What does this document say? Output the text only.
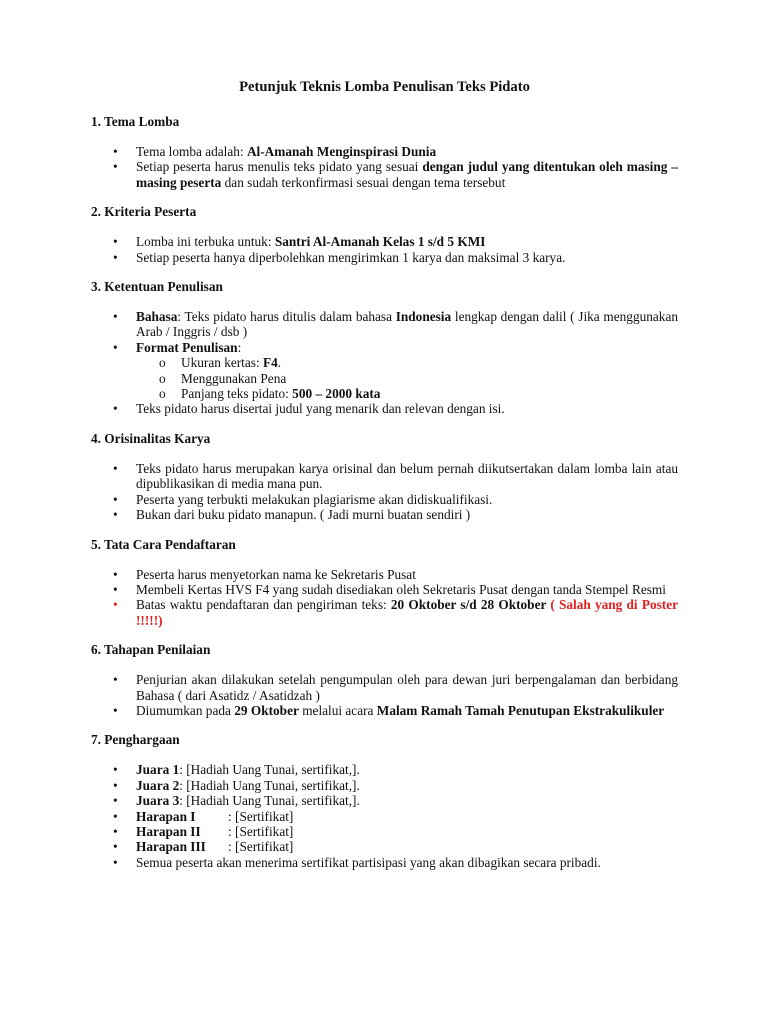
Petunjuk Teknis Lomba Penulisan Teks Pidato
1. Tema Lomba
• Tema lomba adalah: Al-Amanah Menginspirasi Dunia
• Setiap peserta harus menulis teks pidato yang sesuai dengan judul yang ditentukan oleh masing – masing peserta dan sudah terkonfirmasi sesuai dengan tema tersebut
2. Kriteria Peserta
• Lomba ini terbuka untuk: Santri Al-Amanah Kelas 1 s/d 5 KMI
• Setiap peserta hanya diperbolehkan mengirimkan 1 karya dan maksimal 3 karya.
3. Ketentuan Penulisan
• Bahasa: Teks pidato harus ditulis dalam bahasa Indonesia lengkap dengan dalil ( Jika menggunakan Arab / Inggris / dsb )
• Format Penulisan:
o Ukuran kertas: F4.
o Menggunakan Pena
o Panjang teks pidato: 500 – 2000 kata
• Teks pidato harus disertai judul yang menarik dan relevan dengan isi.
4. Orisinalitas Karya
• Teks pidato harus merupakan karya orisinal dan belum pernah diikutsertakan dalam lomba lain atau dipublikasikan di media mana pun.
• Peserta yang terbukti melakukan plagiarisme akan didiskualifikasi.
• Bukan dari buku pidato manapun. ( Jadi murni buatan sendiri )
5. Tata Cara Pendaftaran
• Peserta harus menyetorkan nama ke Sekretaris Pusat
• Membeli Kertas HVS F4 yang sudah disediakan oleh Sekretaris Pusat dengan tanda Stempel Resmi
• Batas waktu pendaftaran dan pengiriman teks: 20 Oktober s/d 28 Oktober ( Salah yang di Poster !!!!!)
6. Tahapan Penilaian
• Penjurian akan dilakukan setelah pengumpulan oleh para dewan juri berpengalaman dan berbidang Bahasa ( dari Asatidz / Asatidzah )
• Diumumkan pada 29 Oktober melalui acara Malam Ramah Tamah Penutupan Ekstrakulikuler
7. Penghargaan
• Juara 1: [Hadiah Uang Tunai, sertifikat,].
• Juara 2: [Hadiah Uang Tunai, sertifikat,].
• Juara 3: [Hadiah Uang Tunai, sertifikat,].
• Harapan I : [Sertifikat]
• Harapan II : [Sertifikat]
• Harapan III : [Sertifikat]
• Semua peserta akan menerima sertifikat partisipasi yang akan dibagikan secara pribadi.
